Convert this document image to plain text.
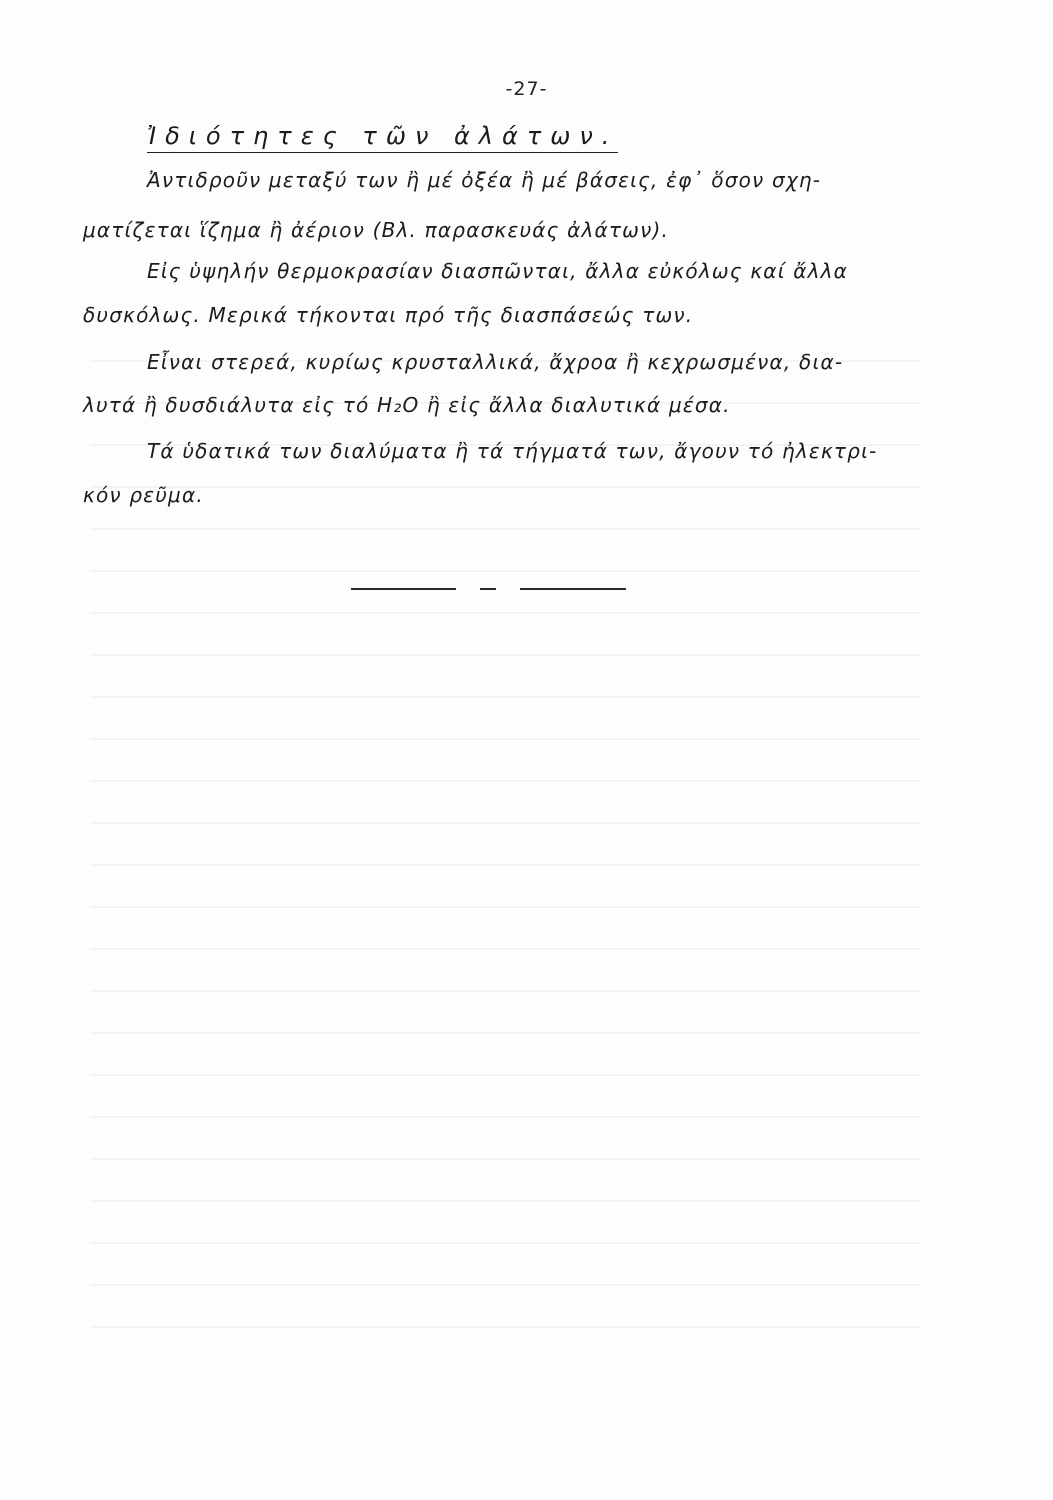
-27-
Ἰδιότητες τῶν ἀλάτων.
Ἀντιδροῦν μεταξύ των ἢ μέ ὀξέα ἢ μέ βάσεις, ἐφ᾽ ὅσον σχη-
ματίζεται ἵζημα ἢ ἀέριον (Βλ. παρασκευάς ἀλάτων).
Εἰς ὑψηλήν θερμοκρασίαν διασπῶνται, ἄλλα εὐκόλως καί ἄλλα
δυσκόλως. Μερικά τήκονται πρό τῆς διασπάσεώς των.
Εἶναι στερεά, κυρίως κρυσταλλικά, ἄχροα ἢ κεχρωσμένα, δια-
λυτά ἢ δυσδιάλυτα εἰς τό H₂O ἢ εἰς ἄλλα διαλυτικά μέσα.
Τά ὑδατικά των διαλύματα ἢ τά τήγματά των, ἄγουν τό ἠλεκτρι-
κόν ρεῦμα.
